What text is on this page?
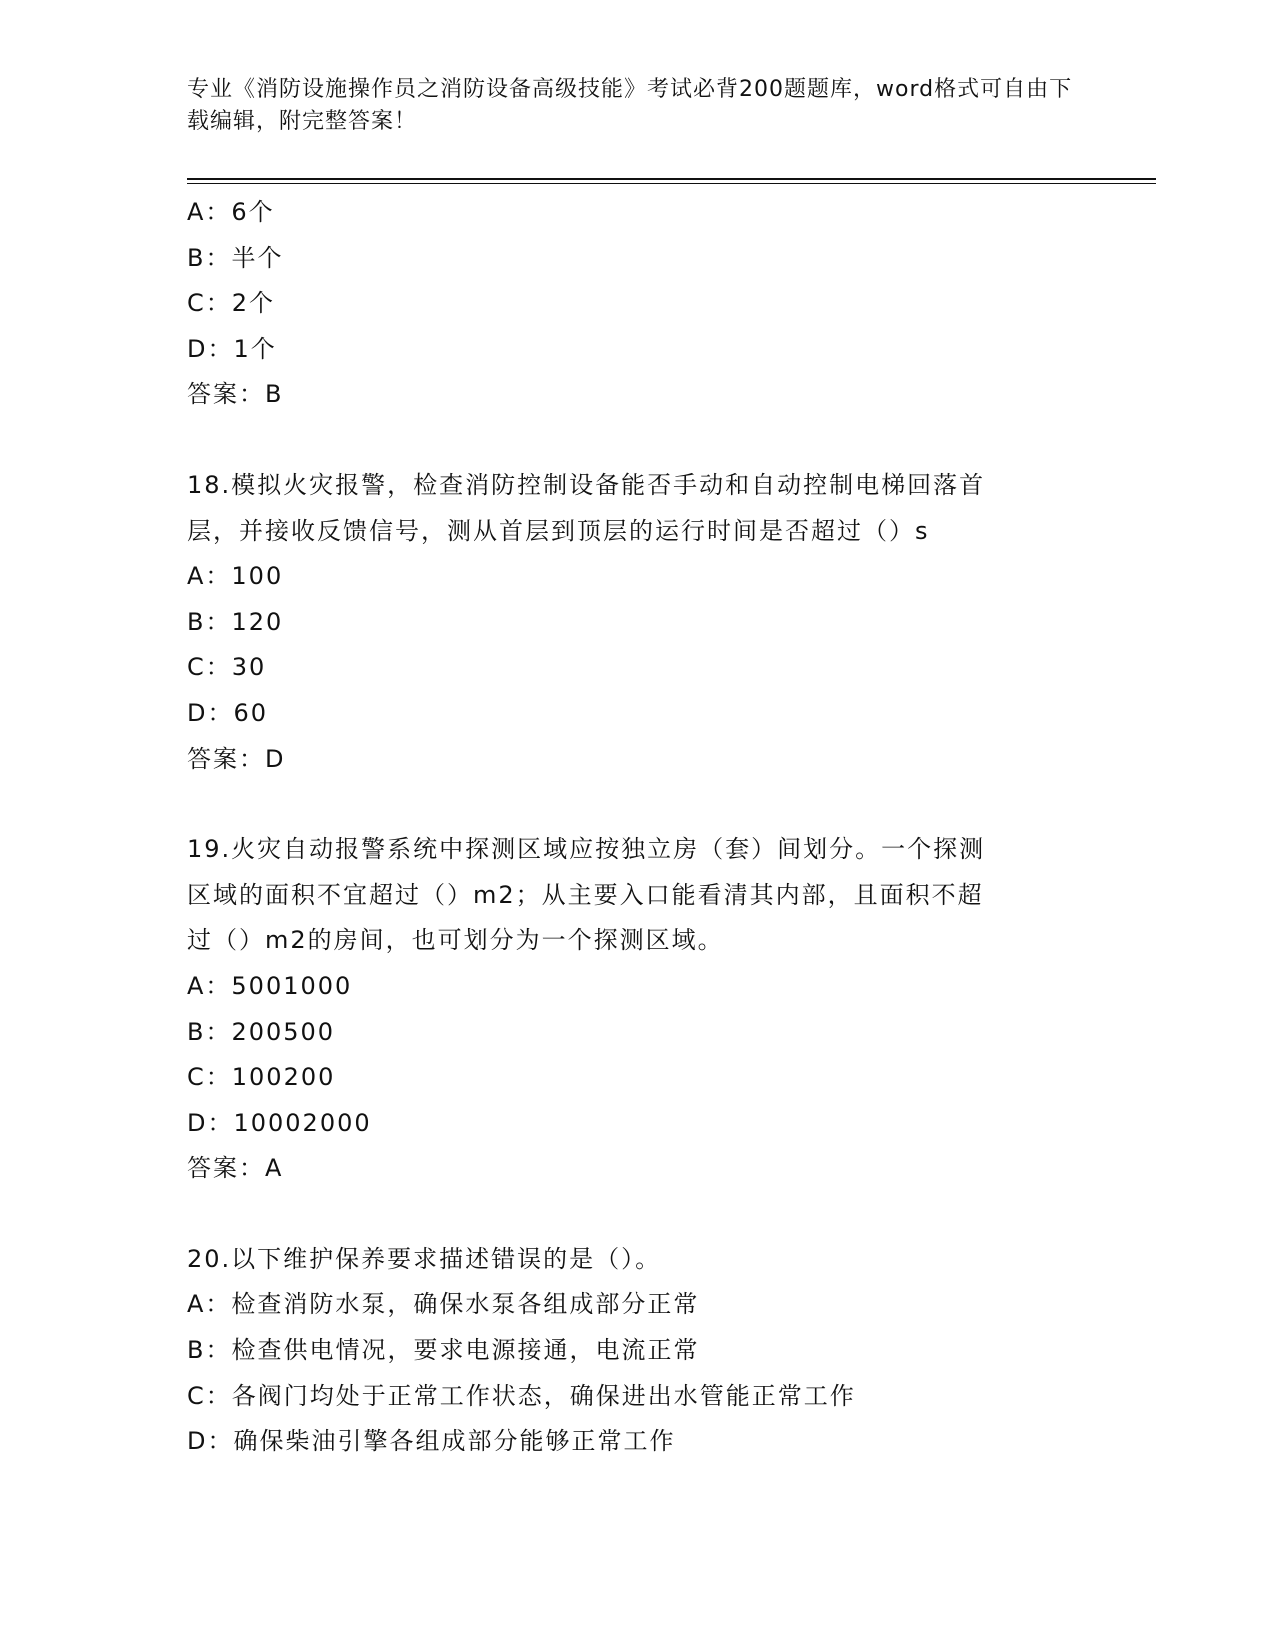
专业《消防设施操作员之消防设备高级技能》考试必背200题题库，word格式可自由下载编辑，附完整答案！
A：6个
B：半个
C：2个
D：1个
答案：B
18.模拟火灾报警，检查消防控制设备能否手动和自动控制电梯回落首
层，并接收反馈信号，测从首层到顶层的运行时间是否超过（）s
A：100
B：120
C：30
D：60
答案：D
19.火灾自动报警系统中探测区域应按独立房（套）间划分。一个探测
区域的面积不宜超过（）m2；从主要入口能看清其内部，且面积不超
过（）m2的房间，也可划分为一个探测区域。
A：5001000
B：200500
C：100200
D：10002000
答案：A
20.以下维护保养要求描述错误的是（）。
A：检查消防水泵，确保水泵各组成部分正常
B：检查供电情况，要求电源接通，电流正常
C：各阀门均处于正常工作状态，确保进出水管能正常工作
D：确保柴油引擎各组成部分能够正常工作
